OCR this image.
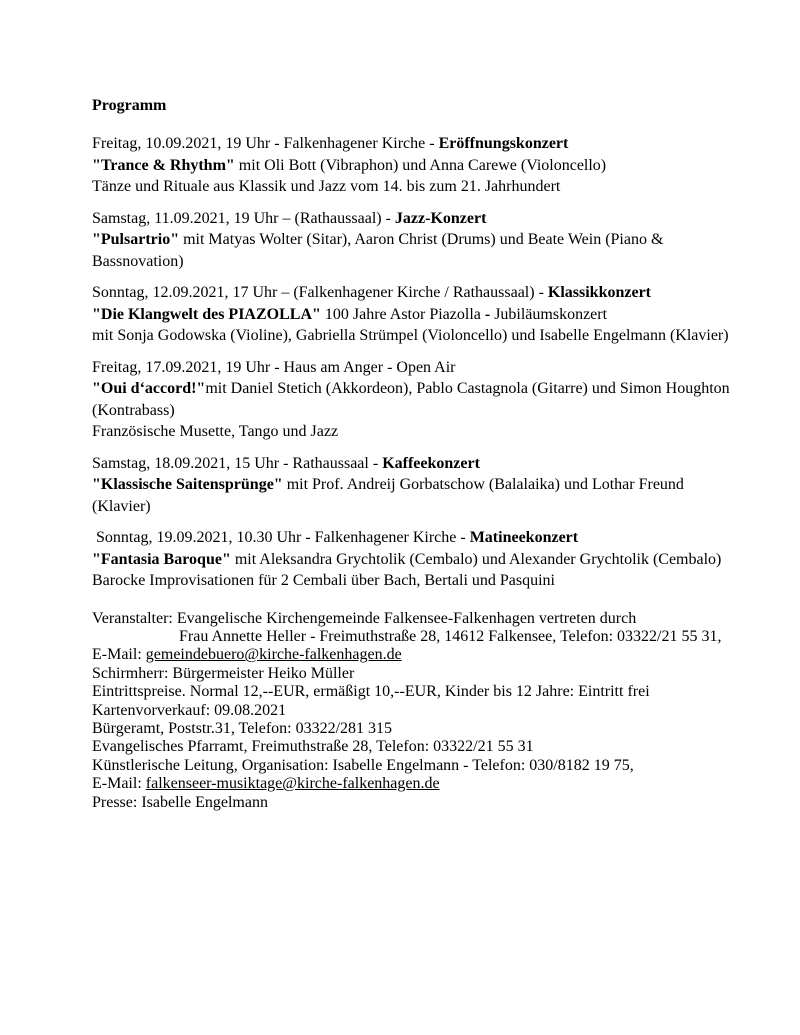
Programm
Freitag, 10.09.2021, 19 Uhr - Falkenhagener Kirche - Eröffnungskonzert
"Trance & Rhythm" mit Oli Bott (Vibraphon) und Anna Carewe (Violoncello)
Tänze und Rituale aus Klassik und Jazz vom 14. bis zum 21. Jahrhundert
Samstag, 11.09.2021, 19 Uhr – (Rathaussaal) - Jazz-Konzert
"Pulsartrio" mit Matyas Wolter (Sitar), Aaron Christ (Drums) und Beate Wein (Piano &
Bassnovation)
Sonntag, 12.09.2021, 17 Uhr – (Falkenhagener Kirche / Rathaussaal) - Klassikkonzert
"Die Klangwelt des PIAZOLLA" 100 Jahre Astor Piazolla - Jubiläumskonzert
mit Sonja Godowska (Violine), Gabriella Strümpel (Violoncello) und Isabelle Engelmann (Klavier)
Freitag, 17.09.2021, 19 Uhr - Haus am Anger - Open Air
"Oui d‘accord!"mit Daniel Stetich (Akkordeon), Pablo Castagnola (Gitarre) und Simon Houghton
(Kontrabass)
Französische Musette, Tango und Jazz
Samstag, 18.09.2021, 15 Uhr - Rathaussaal - Kaffeekonzert
"Klassische Saitensprünge" mit Prof. Andreij Gorbatschow (Balalaika) und Lothar Freund
(Klavier)
Sonntag, 19.09.2021, 10.30 Uhr - Falkenhagener Kirche - Matineekonzert
"Fantasia Baroque" mit Aleksandra Grychtolik (Cembalo) und Alexander Grychtolik (Cembalo)
Barocke Improvisationen für 2 Cembali über Bach, Bertali und Pasquini
Veranstalter: Evangelische Kirchengemeinde Falkensee-Falkenhagen vertreten durch
Frau Annette Heller - Freimuthstraße 28, 14612 Falkensee, Telefon: 03322/21 55 31,
E-Mail: gemeindebuero@kirche-falkenhagen.de
Schirmherr: Bürgermeister Heiko Müller
Eintrittspreise. Normal 12,--EUR, ermäßigt 10,--EUR, Kinder bis 12 Jahre: Eintritt frei
Kartenvorverkauf: 09.08.2021
Bürgeramt, Poststr.31, Telefon: 03322/281 315
Evangelisches Pfarramt, Freimuthstraße 28, Telefon: 03322/21 55 31
Künstlerische Leitung, Organisation: Isabelle Engelmann - Telefon: 030/8182 19 75,
E-Mail: falkenseer-musiktage@kirche-falkenhagen.de
Presse: Isabelle Engelmann
